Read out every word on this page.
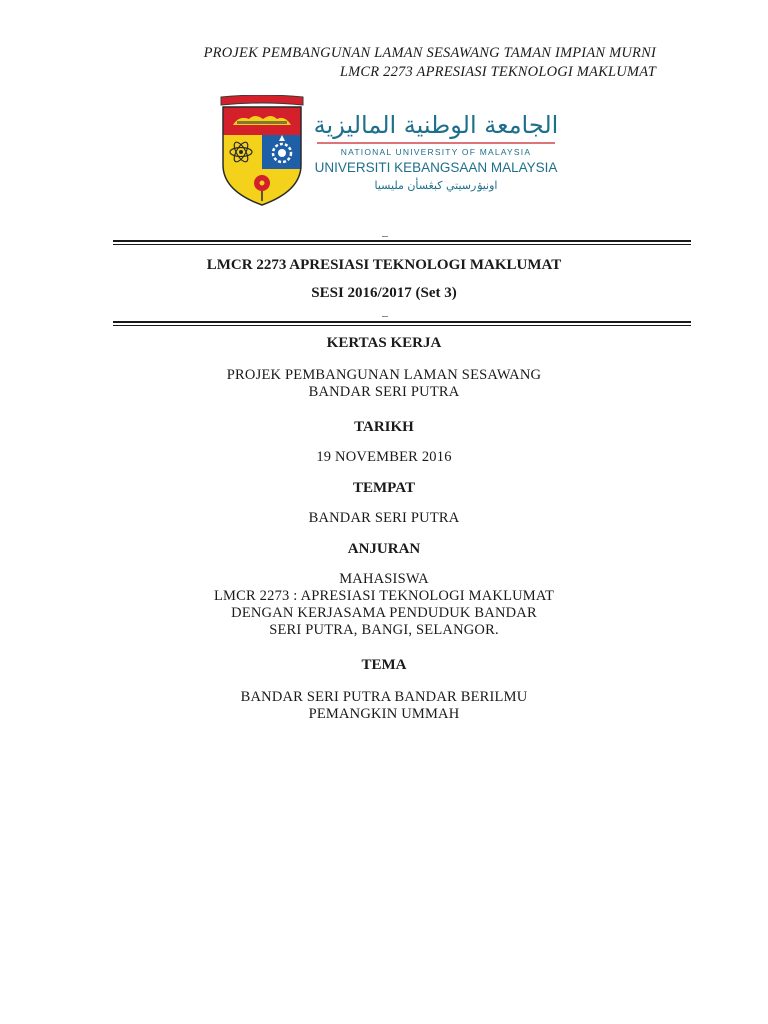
PROJEK PEMBANGUNAN LAMAN SESAWANG TAMAN IMPIAN MURNI
LMCR 2273 APRESIASI TEKNOLOGI MAKLUMAT
الجامعة الوطنية الماليزية
NATIONAL UNIVERSITY OF MALAYSIA
UNIVERSITI KEBANGSAAN MALAYSIA
اونيۏرسيتي كبڠسأن مليسيا
LMCR 2273 APRESIASI TEKNOLOGI MAKLUMAT
SESI 2016/2017 (Set 3)
KERTAS KERJA
PROJEK PEMBANGUNAN LAMAN SESAWANG
BANDAR SERI PUTRA
TARIKH
19 NOVEMBER 2016
TEMPAT
BANDAR SERI PUTRA
ANJURAN
MAHASISWA
LMCR 2273 : APRESIASI TEKNOLOGI MAKLUMAT
DENGAN KERJASAMA PENDUDUK BANDAR
SERI PUTRA, BANGI, SELANGOR.
TEMA
BANDAR SERI PUTRA BANDAR BERILMU
PEMANGKIN UMMAH
